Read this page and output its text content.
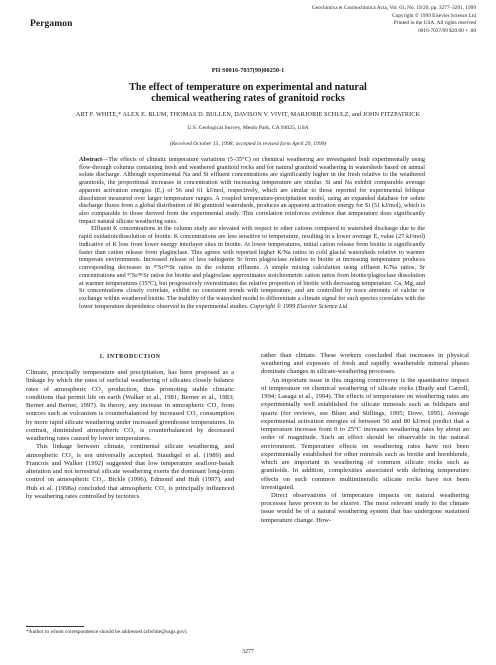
Pergamon
Geochimica et Cosmochimica Acta, Vol. 63, No. 19/20, pp. 3277–3291, 1999
Copyright © 1999 Elsevier Science Ltd
Printed in the USA. All rights reserved
0016-7037/99 $20.00 + .00
PII S0016-7037(99)00250-1
The effect of temperature on experimental and natural
chemical weathering rates of granitoid rocks
ART F. WHITE,* ALEX E. BLUM, THOMAS D. BULLEN, DAVISON V. VIVIT, MARJORIE SCHULZ, and JOHN FITZPATRICK
U.S. Geological Survey, Menlo Park, CA 94025, USA
(Received October 15, 1998; accepted in revised form April 29, 1999)

Abstract—The effects of climatic temperature variations (5–35°C) on chemical weathering are investigated both experimentally using flow-through columns containing fresh and weathered granitoid rocks and for natural granitoid weathering in watersheds based on annual solute discharge. Although experimental Na and Si effluent concentrations are significantly higher in the fresh relative to the weathered granitoids, the proportional increases in concentration with increasing temperature are similar. Si and Na exhibit comparable average apparent activation energies (Eₐ) of 56 and 61 kJ/mol, respectively, which are similar to those reported for experimental feldspar dissolution measured over larger temperature ranges. A coupled temperature-precipitation model, using an expanded database for solute discharge fluxes from a global distribution of 86 granitoid watersheds, produces an apparent activation energy for Si (51 kJ/mol), which is also comparable to those derived from the experimental study. This correlation reinforces evidence that temperature does significantly impact natural silicate weathering rates.

Effluent K concentrations in the column study are elevated with respect to other cations compared to watershed discharge due to the rapid oxidation/dissolution of biotite. K concentrations are less sensitive to temperature, resulting in a lower average Eₐ value (27 kJ/mol) indicative of K loss from lower energy interlayer sites in biotite. At lower temperatures, initial cation release from biotite is significantly faster than cation release from plagioclase. This agrees with reported higher K/Na ratios in cold glacial watersheds relative to warmer temperate environments. Increased release of less radiogenic Sr from plagioclase relative to biotite at increasing temperature produces corresponding decreases in ⁸⁷Sr/⁸⁶Sr ratios in the column effluents. A simple mixing calculation using effluent K/Na ratios, Sr concentrations and ⁸⁷Sr/⁸⁶Sr ratios for biotite and plagioclase approximates stoichiometric cation ratios from biotite/plagioclase dissolution at warmer temperatures (35°C), but progressively overestimates the relative proportion of biotite with decreasing temperature. Ca, Mg, and Sr concentrations closely correlate, exhibit no consistent trends with temperature, and are controlled by trace amounts of calcite or exchange within weathered biotite. The inability of the watershed model to differentiate a climate signal for such species correlates with the lower temperature dependence observed in the experimental studies. Copyright © 1999 Elsevier Science Ltd

1. INTRODUCTION

Climate, principally temperature and precipitation, has been proposed as a linkage by which the rates of surficial weathering of silicates closely balance rates of atmospheric CO₂ production, thus promoting stable climatic conditions that permit life on earth (Walker et al., 1981; Berner et al., 1983; Berner and Berner, 1997). In theory, any increase in atmospheric CO₂ from sources such as volcanism is counterbalanced by increased CO₂ consumption by more rapid silicate weathering under increased greenhouse temperatures. In contrast, diminished atmospheric CO₂ is counterbalanced by decreased weathering rates caused by lower temperatures.

This linkage between climate, continental silicate weathering, and atmospheric CO₂ is not universally accepted. Staudigel et al. (1989) and Francois and Walker (1992) suggested that low temperature seafloor-basalt alteration and not terrestrial silicate weathering exerts the dominant long-term control on atmospheric CO₂. Bickle (1996), Edmond and Huh (1997), and Huh et al. (1998a) concluded that atmospheric CO₂ is principally influenced by weathering rates controlled by tectonics

*Author to whom correspondence should be addressed (afwhite@usgs.gov).

rather than climate. These workers concluded that increases in physical weathering and exposure of fresh and rapidly weatherable mineral phases dominate changes in silicate-weathering processes.

An important issue in this ongoing controversy is the quantitative impact of temperature on chemical weathering of silicate rocks (Brady and Carroll, 1994; Lasaga et al., 1994). The effects of temperature on weathering rates are experimentally well established for silicate minerals such as feldspars and quartz (for reviews, see Blum and Stillings, 1995; Dove, 1995). Average experimental activation energies of between 50 and 80 kJ/mol predict that a temperature increase from 0 to 25°C increases weathering rates by about an order of magnitude. Such an effect should be observable in the natural environment. Temperature effects on weathering rates have not been experimentally established for other minerals such as biotite and hornblende, which are important in weathering of common silicate rocks such as granitoids. In addition, complexities associated with defining temperature effects on such common multimineralic silicate rocks have not been investigated.

Direct observations of temperature impacts on natural weathering processes have proven to be elusive. The most relevant study to the climate issue would be of a natural weathering system that has undergone sustained temperature change. How-

3277
